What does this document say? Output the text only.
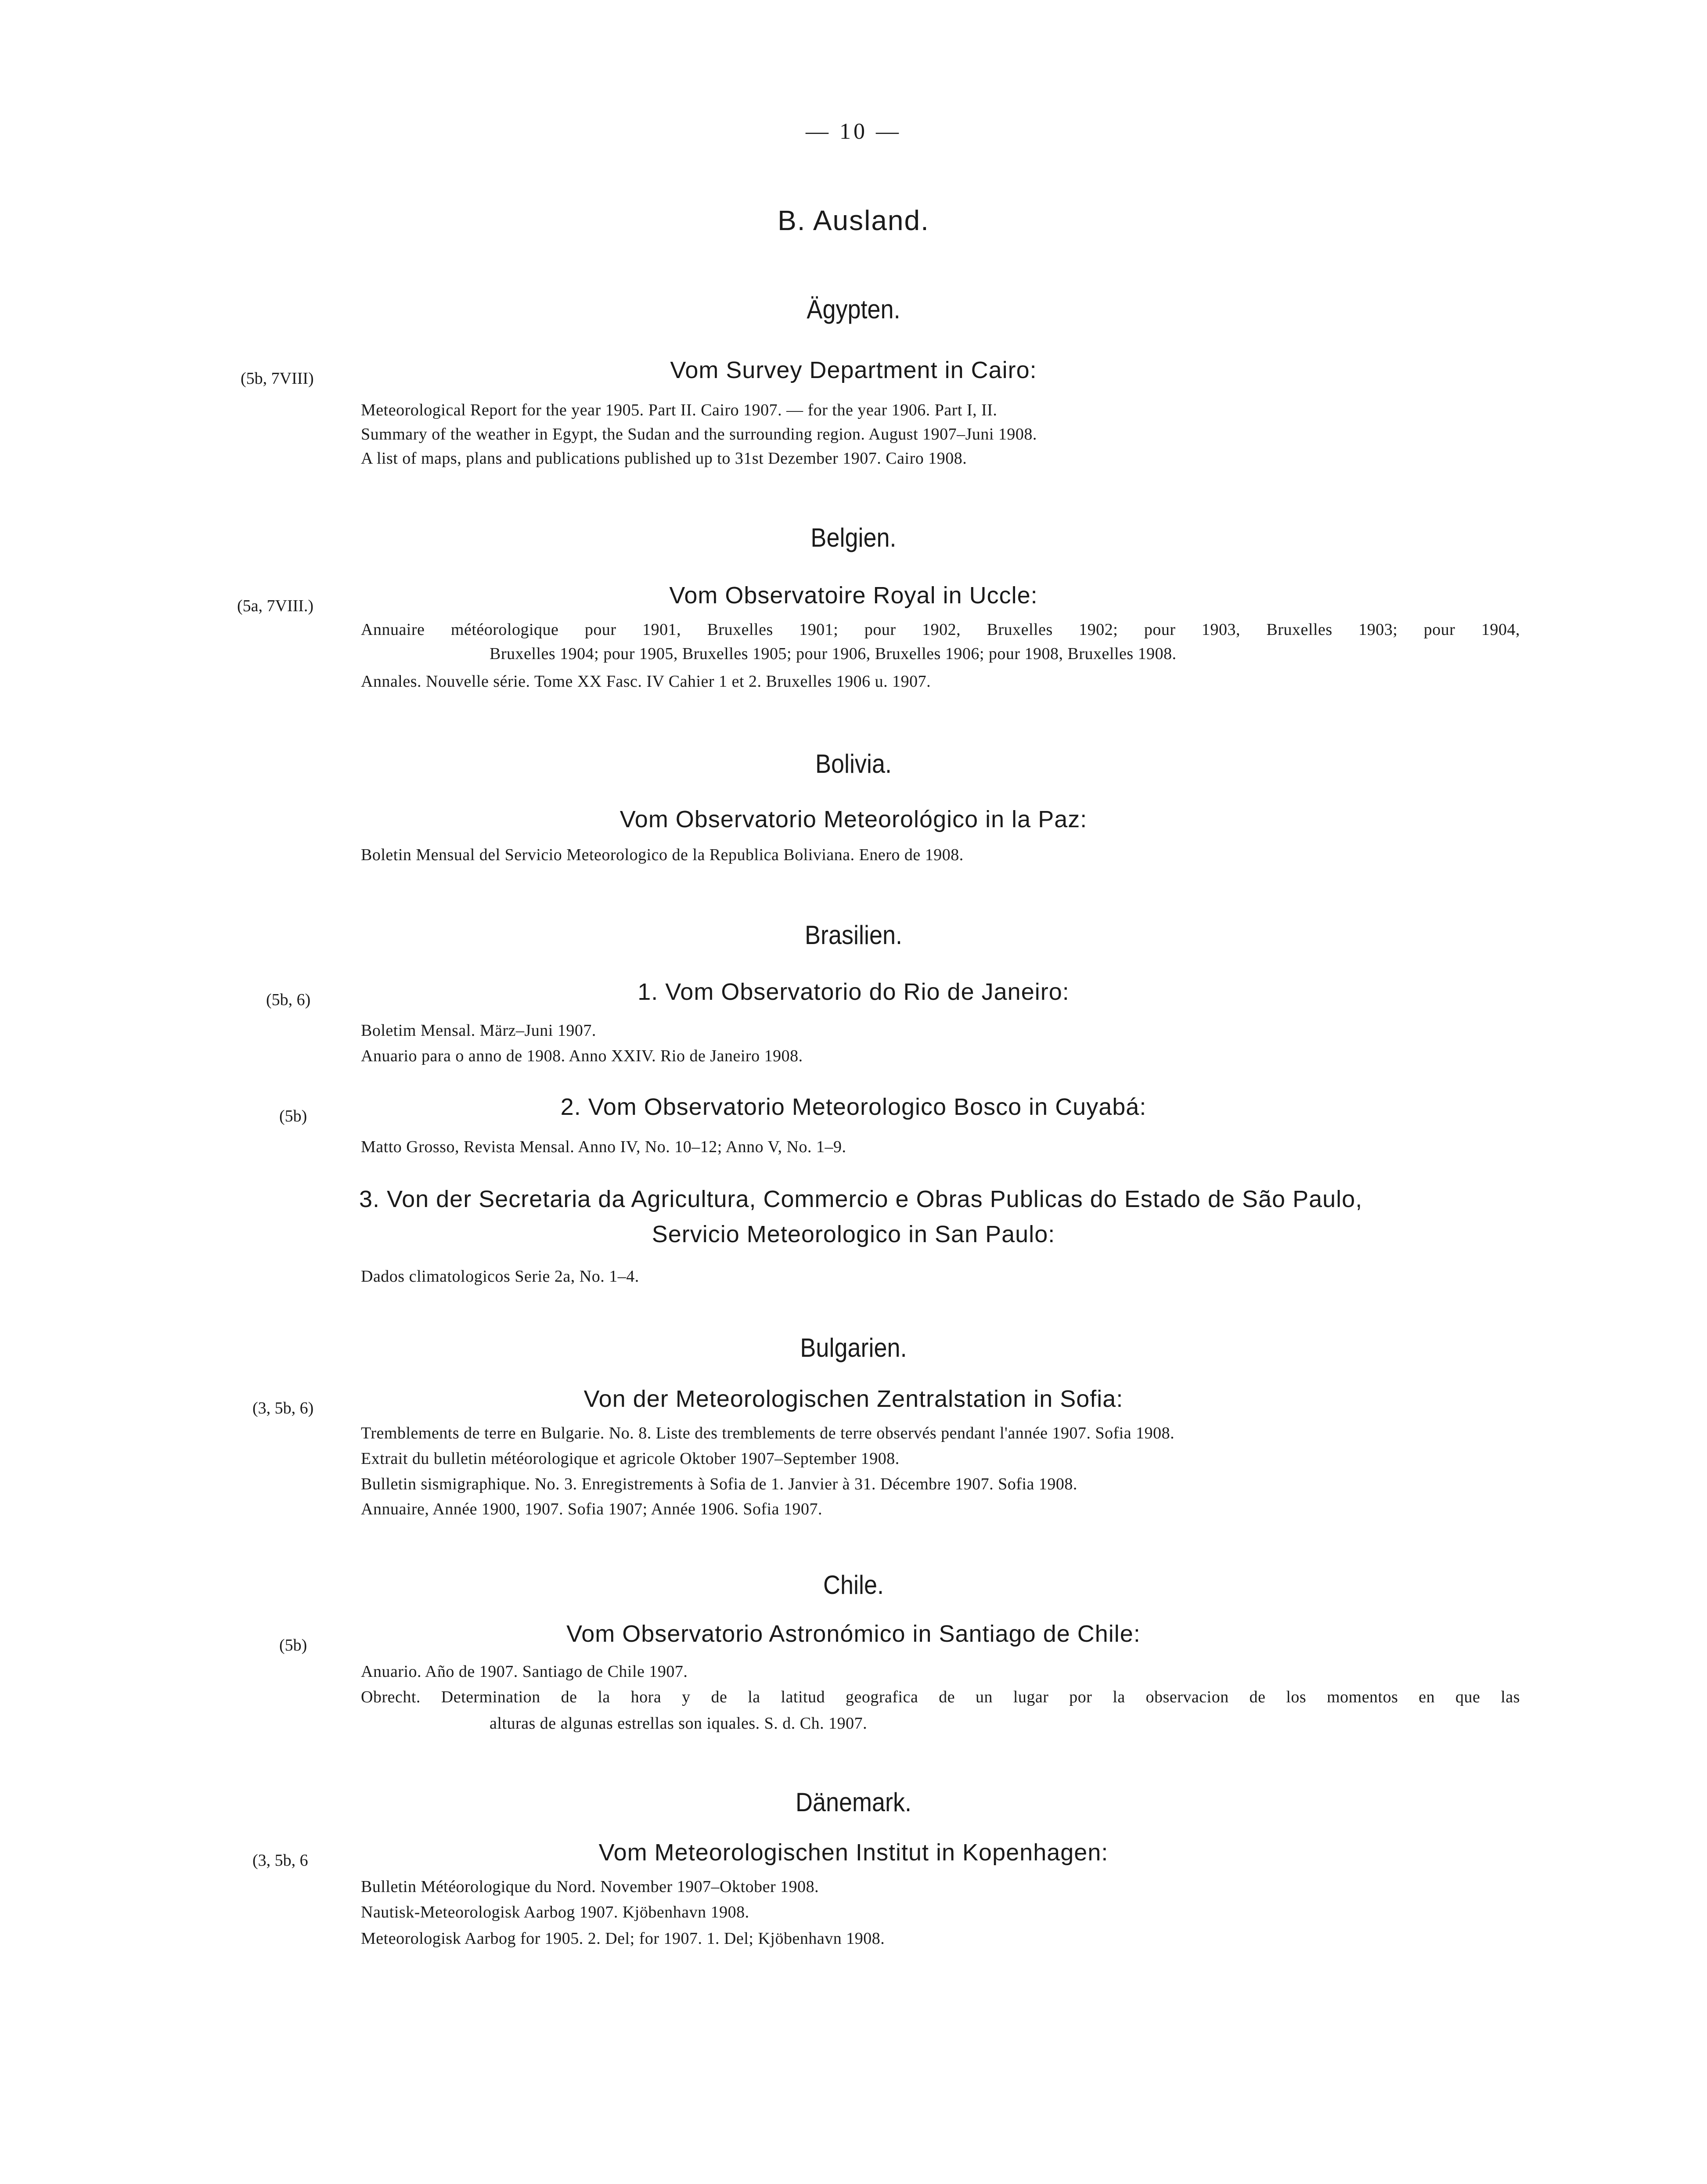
— 10 —
B. Ausland.
Ägypten.
(5b, 7VIII)	Vom Survey Department in Cairo:
Meteorological Report for the year 1905. Part II. Cairo 1907. — for the year 1906. Part I, II.
Summary of the weather in Egypt, the Sudan and the surrounding region. August 1907–Juni 1908.
A list of maps, plans and publications published up to 31st Dezember 1907. Cairo 1908.
Belgien.
(5a, 7VIII.)	Vom Observatoire Royal in Uccle:
Annuaire météorologique pour 1901, Bruxelles 1901; pour 1902, Bruxelles 1902; pour 1903, Bruxelles 1903; pour 1904,
Bruxelles 1904; pour 1905, Bruxelles 1905; pour 1906, Bruxelles 1906; pour 1908, Bruxelles 1908.
Annales. Nouvelle série. Tome XX Fasc. IV Cahier 1 et 2. Bruxelles 1906 u. 1907.
Bolivia.
Vom Observatorio Meteorológico in la Paz:
Boletin Mensual del Servicio Meteorologico de la Republica Boliviana. Enero de 1908.
Brasilien.
(5b, 6)	1. Vom Observatorio do Rio de Janeiro:
Boletim Mensal. März–Juni 1907.
Anuario para o anno de 1908. Anno XXIV. Rio de Janeiro 1908.
(5b)	2. Vom Observatorio Meteorologico Bosco in Cuyabá:
Matto Grosso, Revista Mensal. Anno IV, No. 10–12; Anno V, No. 1–9.
3. Von der Secretaria da Agricultura, Commercio e Obras Publicas do Estado de São Paulo,
Servicio Meteorologico in San Paulo:
Dados climatologicos Serie 2a, No. 1–4.
Bulgarien.
(3, 5b, 6)	Von der Meteorologischen Zentralstation in Sofia:
Tremblements de terre en Bulgarie. No. 8. Liste des tremblements de terre observés pendant l'année 1907. Sofia 1908.
Extrait du bulletin météorologique et agricole Oktober 1907–September 1908.
Bulletin sismigraphique. No. 3. Enregistrements à Sofia de 1. Janvier à 31. Décembre 1907. Sofia 1908.
Annuaire, Année 1900, 1907. Sofia 1907; Année 1906. Sofia 1907.
Chile.
(5b)	Vom Observatorio Astronómico in Santiago de Chile:
Anuario. Año de 1907. Santiago de Chile 1907.
Obrecht. Determination de la hora y de la latitud geografica de un lugar por la observacion de los momentos en que las
alturas de algunas estrellas son iquales. S. d. Ch. 1907.
Dänemark.
(3, 5b, 6	Vom Meteorologischen Institut in Kopenhagen:
Bulletin Météorologique du Nord. November 1907–Oktober 1908.
Nautisk-Meteorologisk Aarbog 1907. Kjöbenhavn 1908.
Meteorologisk Aarbog for 1905. 2. Del; for 1907. 1. Del; Kjöbenhavn 1908.
